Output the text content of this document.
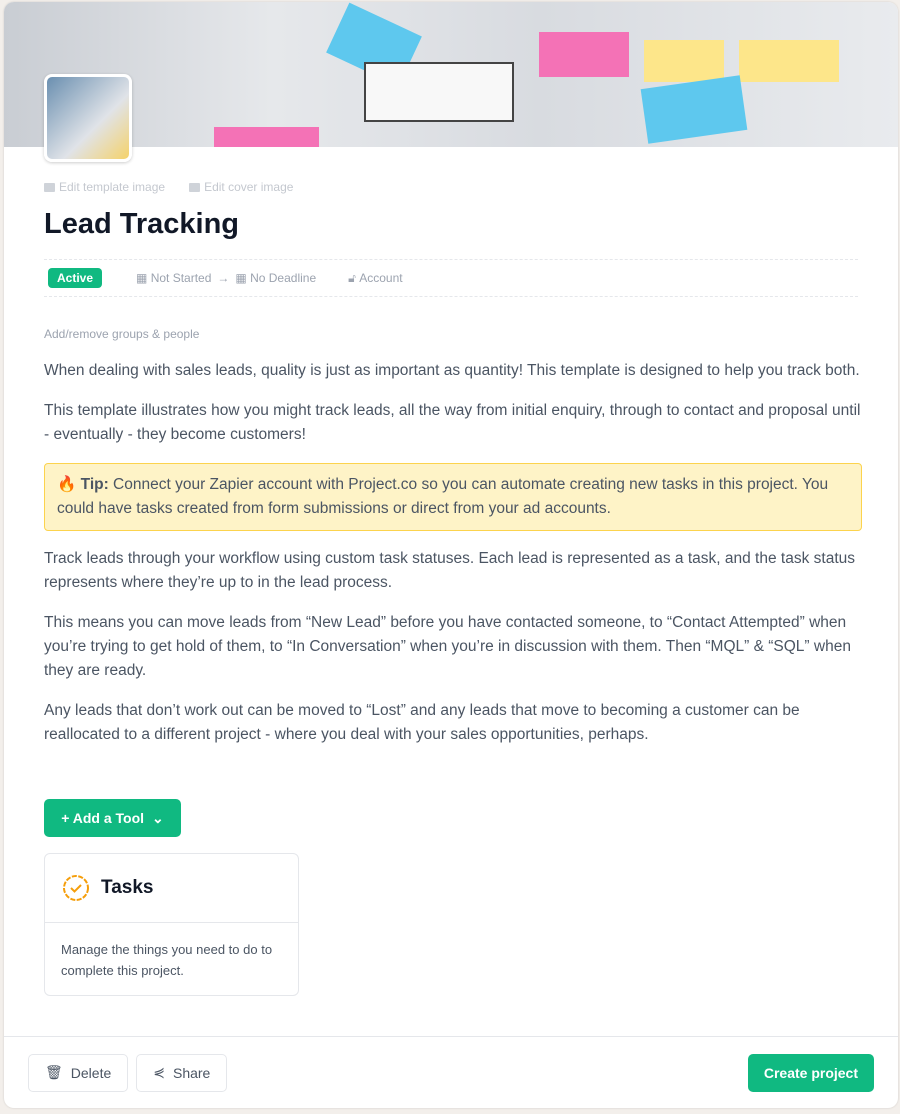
Edit template image	Edit cover image
Lead Tracking
Active	▦ Not Started → ▦ No Deadline	🔓︎ Account
Add/remove groups & people

When dealing with sales leads, quality is just as important as quantity! This template is designed to help you track both.

This template illustrates how you might track leads, all the way from initial enquiry, through to contact and proposal until - eventually - they become customers!

🔥 Tip: Connect your Zapier account with Project.co so you can automate creating new tasks in this project. You could have tasks created from form submissions or direct from your ad accounts.

Track leads through your workflow using custom task statuses. Each lead is represented as a task, and the task status represents where they’re up to in the lead process.

This means you can move leads from “New Lead” before you have contacted someone, to “Contact Attempted” when you’re trying to get hold of them, to “In Conversation” when you’re in discussion with them. Then “MQL” & “SQL” when they are ready.

Any leads that don’t work out can be moved to “Lost” and any leads that move to becoming a customer can be reallocated to a different project - where you deal with your sales opportunities, perhaps.

+ Add a Tool ⌄
Tasks
Manage the things you need to do to complete this project.
🗑︎ Delete	⋞ Share	Create project
